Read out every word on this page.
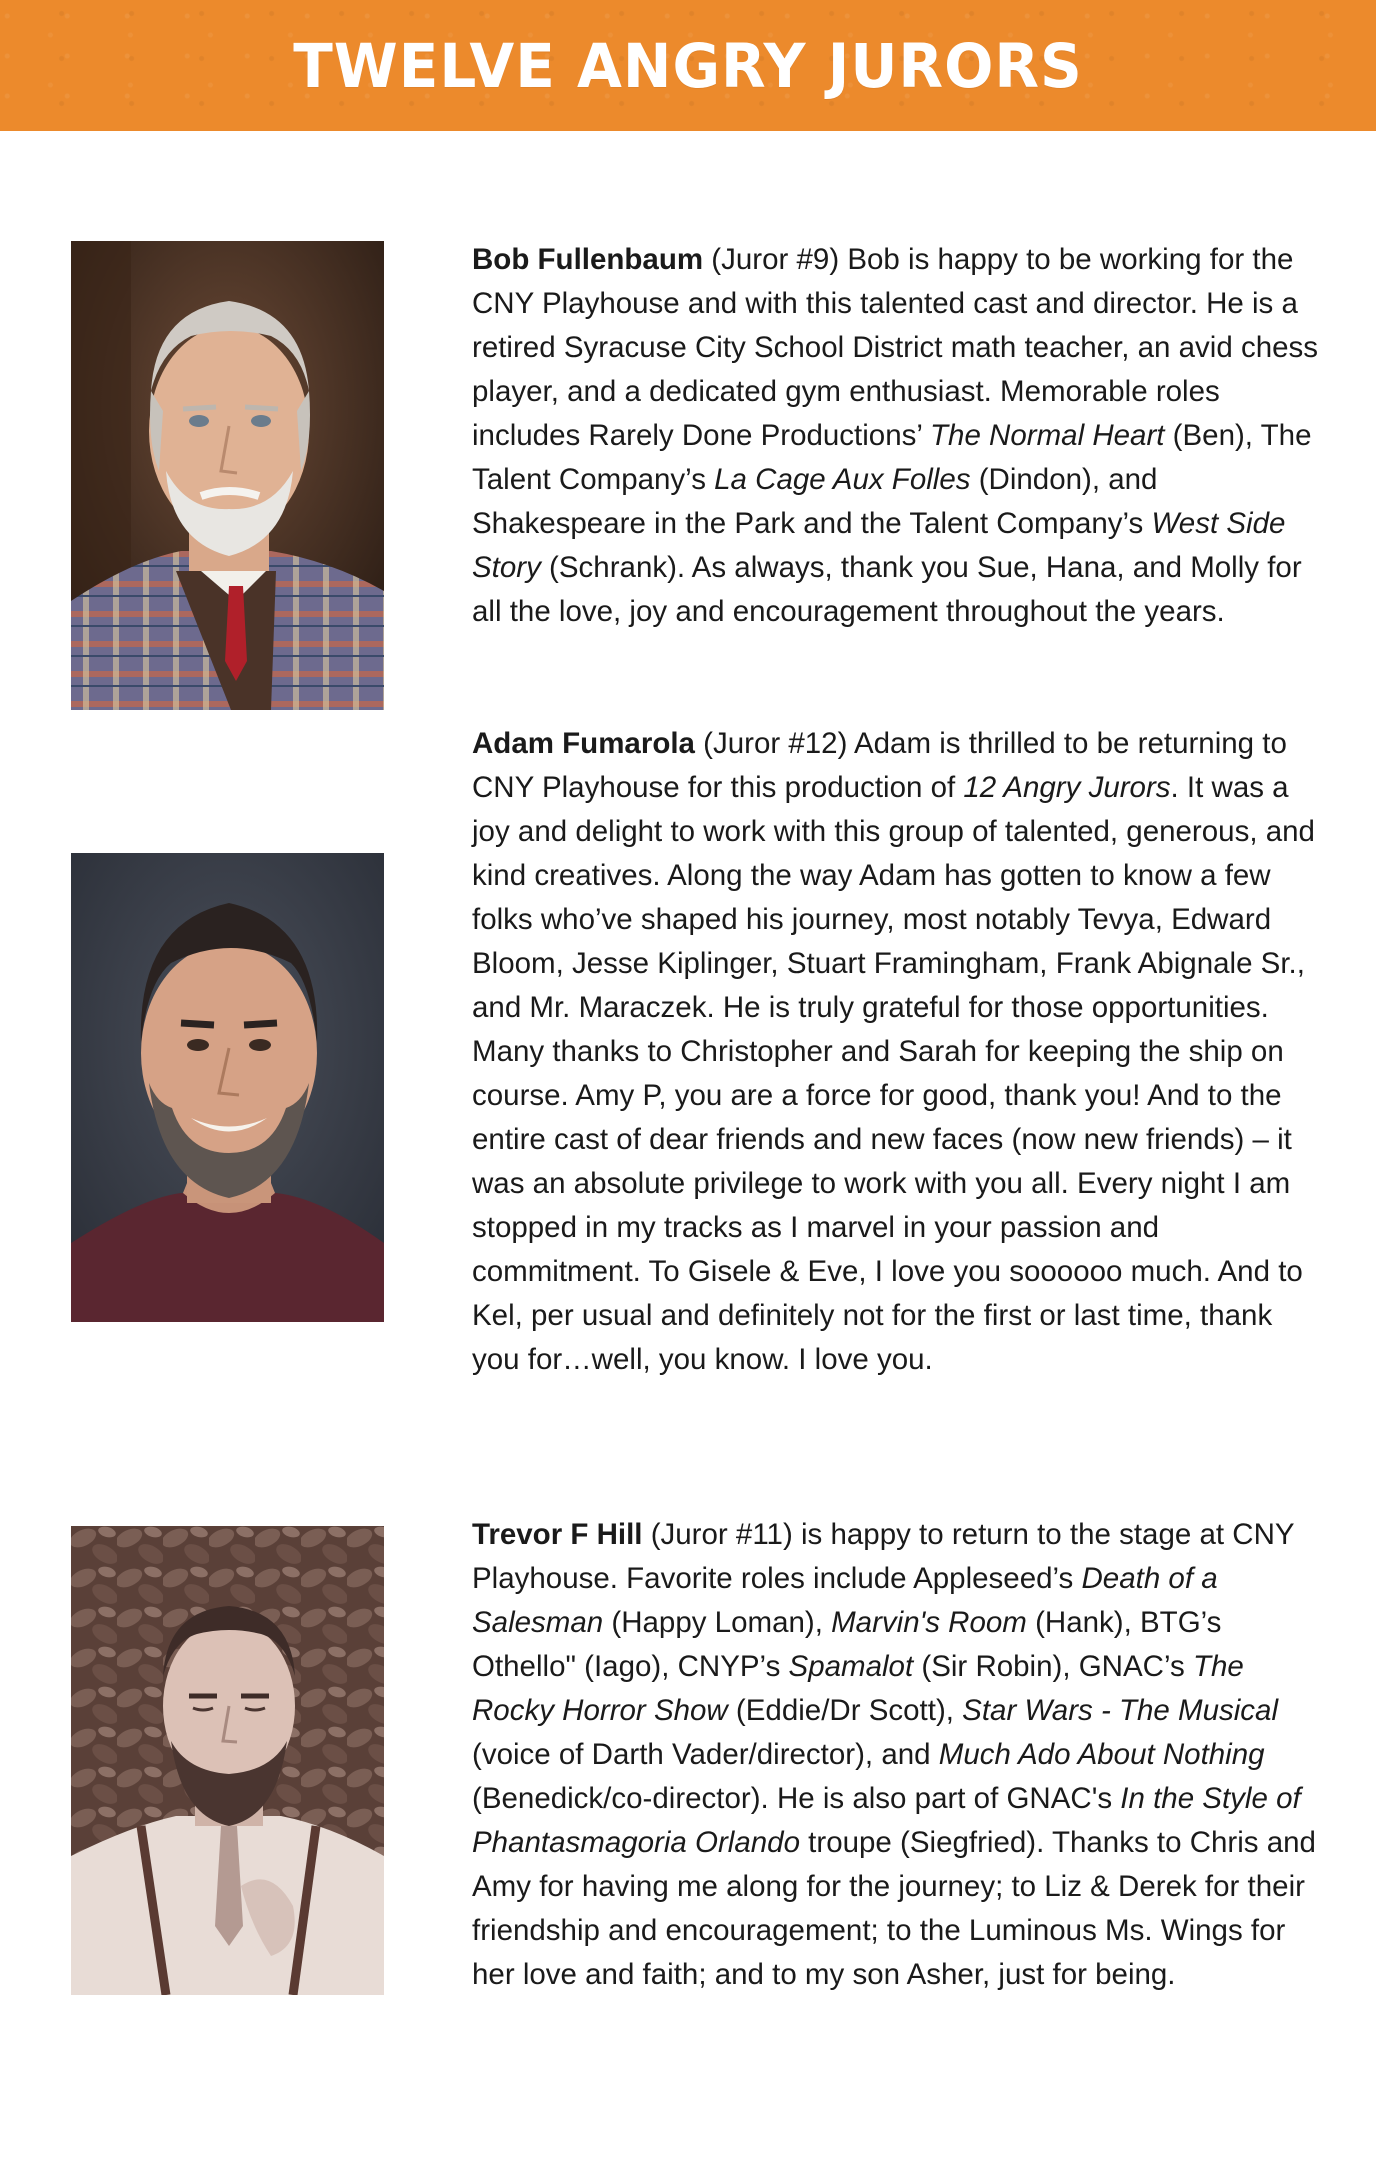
TWELVE ANGRY JURORS
Bob Fullenbaum (Juror #9) Bob is happy to be working for the CNY Playhouse and with this talented cast and director. He is a retired Syracuse City School District math teacher, an avid chess player, and a dedicated gym enthusiast. Memorable roles includes Rarely Done Productions’ The Normal Heart (Ben), The Talent Company’s La Cage Aux Folles (Dindon), and Shakespeare in the Park and the Talent Company’s West Side Story (Schrank). As always, thank you Sue, Hana, and Molly for all the love, joy and encouragement throughout the years.
Adam Fumarola (Juror #12) Adam is thrilled to be returning to CNY Playhouse for this production of 12 Angry Jurors. It was a joy and delight to work with this group of talented, generous, and kind creatives. Along the way Adam has gotten to know a few folks who’ve shaped his journey, most notably Tevya, Edward Bloom, Jesse Kiplinger, Stuart Framingham, Frank Abignale Sr., and Mr. Maraczek. He is truly grateful for those opportunities. Many thanks to Christopher and Sarah for keeping the ship on course. Amy P, you are a force for good, thank you! And to the entire cast of dear friends and new faces (now new friends) – it was an absolute privilege to work with you all. Every night I am stopped in my tracks as I marvel in your passion and commitment. To Gisele & Eve, I love you soooooo much. And to Kel, per usual and definitely not for the first or last time, thank you for…well, you know. I love you.
Trevor F Hill (Juror #11) is happy to return to the stage at CNY Playhouse. Favorite roles include Appleseed’s Death of a Salesman (Happy Loman), Marvin's Room (Hank), BTG’s Othello" (Iago), CNYP’s Spamalot (Sir Robin), GNAC’s The Rocky Horror Show (Eddie/Dr Scott), Star Wars - The Musical (voice of Darth Vader/director), and Much Ado About Nothing (Benedick/co-director). He is also part of GNAC's In the Style of Phantasmagoria Orlando troupe (Siegfried). Thanks to Chris and Amy for having me along for the journey; to Liz & Derek for their friendship and encouragement; to the Luminous Ms. Wings for her love and faith; and to my son Asher, just for being.
